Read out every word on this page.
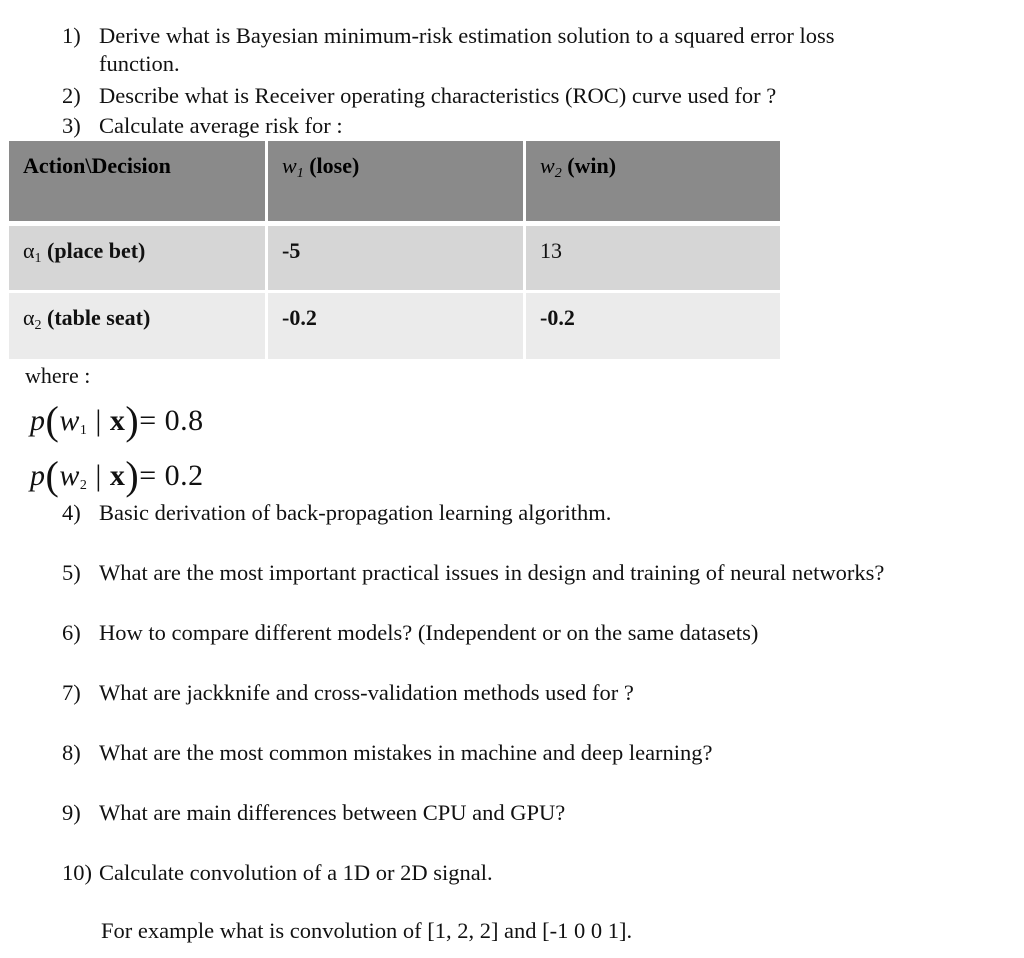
1) Derive what is Bayesian minimum-risk estimation solution to a squared error loss
function.
2) Describe what is Receiver operating characteristics (ROC) curve used for ?
3) Calculate average risk for :
Action\Decision	$w_1$ (lose)	$w_2$ (win)
$\alpha_1$ (place bet)	-5	13
$\alpha_2$ (table seat)	-0.2	-0.2
where :
$p(w_1$ | x)= 0.8
$p(w_2$ | x)= 0.2
4) Basic derivation of back-propagation learning algorithm.
5) What are the most important practical issues in design and training of neural networks?
6) How to compare different models? (Independent or on the same datasets)
7) What are jackknife and cross-validation methods used for ?
8) What are the most common mistakes in machine and deep learning?
9) What are main differences between CPU and GPU?
10) Calculate convolution of a 1D or 2D signal.
For example what is convolution of [1, 2, 2] and [-1 0 0 1].
